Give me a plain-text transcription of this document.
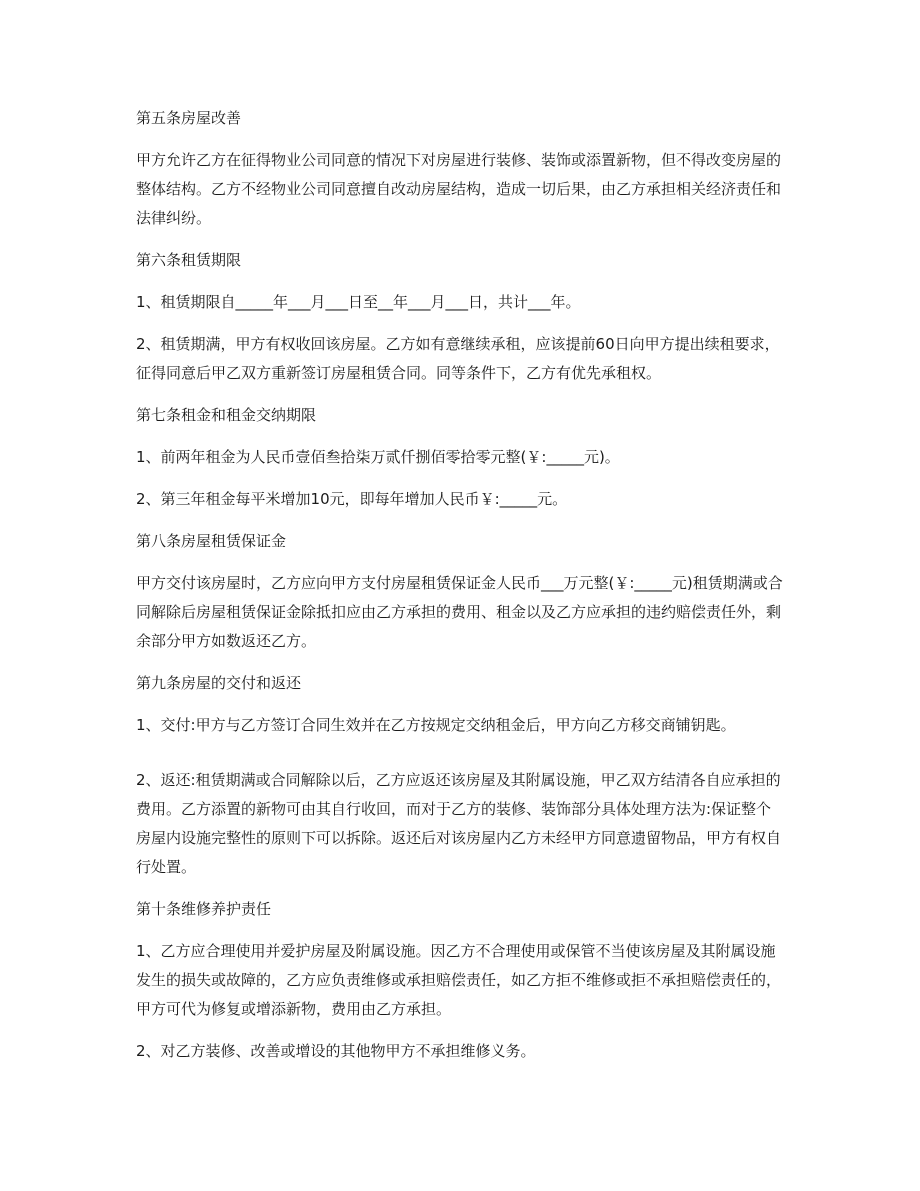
第五条房屋改善

甲方允许乙方在征得物业公司同意的情况下对房屋进行装修、装饰或添置新物，但不得改变房屋的整体结构。乙方不经物业公司同意擅自改动房屋结构，造成一切后果，由乙方承担相关经济责任和法律纠纷。

第六条租赁期限

1、租赁期限自_____年___月___日至__年___月___日，共计___年。

2、租赁期满，甲方有权收回该房屋。乙方如有意继续承租，应该提前60日向甲方提出续租要求，征得同意后甲乙双方重新签订房屋租赁合同。同等条件下，乙方有优先承租权。

第七条租金和租金交纳期限

1、前两年租金为人民币壹佰叁拾柒万贰仟捌佰零拾零元整(￥:_____元)。

2、第三年租金每平米增加10元，即每年增加人民币￥:_____元。

第八条房屋租赁保证金

甲方交付该房屋时，乙方应向甲方支付房屋租赁保证金人民币___万元整(￥:_____元)租赁期满或合同解除后房屋租赁保证金除抵扣应由乙方承担的费用、租金以及乙方应承担的违约赔偿责任外，剩余部分甲方如数返还乙方。

第九条房屋的交付和返还

1、交付:甲方与乙方签订合同生效并在乙方按规定交纳租金后，甲方向乙方移交商铺钥匙。

2、返还:租赁期满或合同解除以后，乙方应返还该房屋及其附属设施，甲乙双方结清各自应承担的费用。乙方添置的新物可由其自行收回，而对于乙方的装修、装饰部分具体处理方法为:保证整个房屋内设施完整性的原则下可以拆除。返还后对该房屋内乙方未经甲方同意遗留物品，甲方有权自行处置。

第十条维修养护责任

1、乙方应合理使用并爱护房屋及附属设施。因乙方不合理使用或保管不当使该房屋及其附属设施发生的损失或故障的，乙方应负责维修或承担赔偿责任，如乙方拒不维修或拒不承担赔偿责任的，甲方可代为修复或增添新物，费用由乙方承担。

2、对乙方装修、改善或增设的其他物甲方不承担维修义务。
